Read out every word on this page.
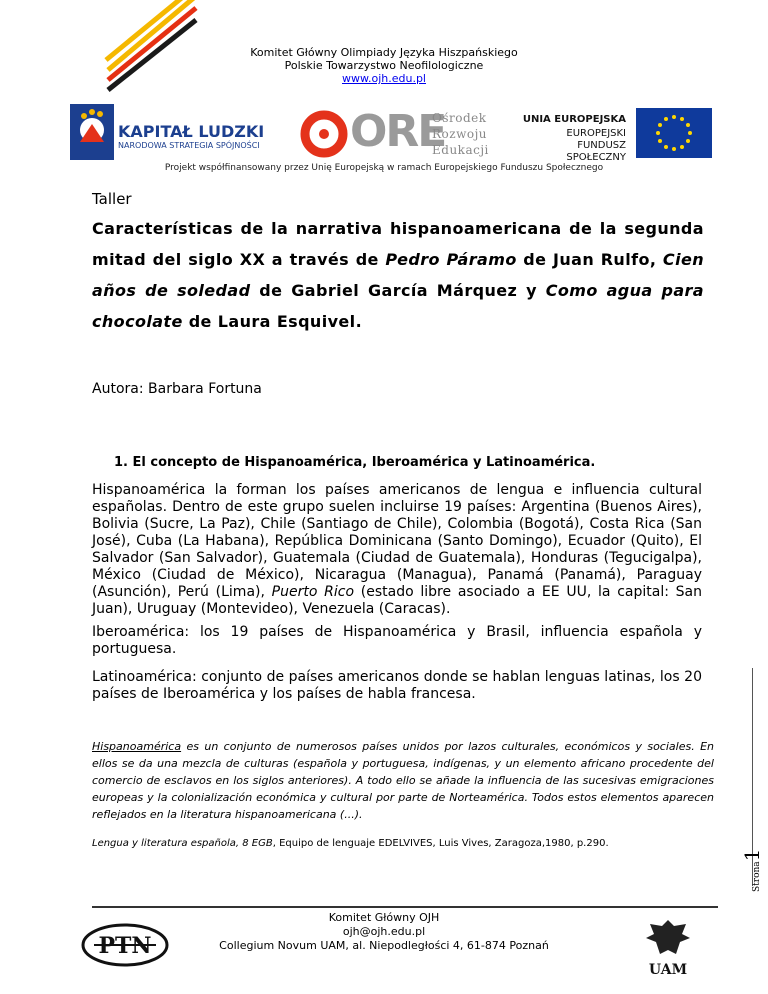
Komitet Główny Olimpiady Języka Hiszpańskiego
Polskie Towarzystwo Neofilologiczne
www.ojh.edu.pl
KAPITAŁ LUDZKI
NARODOWA STRATEGIA SPÓJNOŚCI ORE
Ośrodek
Rozwoju
Edukacji
UNIA EUROPEJSKA
EUROPEJSKI
FUNDUSZ SPOŁECZNY
Projekt współfinansowany przez Unię Europejską w ramach Europejskiego Funduszu Społecznego
Taller
Características de la narrativa hispanoamericana de la segunda mitad del siglo XX a través de Pedro Páramo de Juan Rulfo, Cien años de soledad de Gabriel García Márquez y Como agua para chocolate de Laura Esquivel.
Autora: Barbara Fortuna
1. El concepto de Hispanoamérica, Iberoamérica y Latinoamérica.
Hispanoamérica la forman los países americanos de lengua e influencia cultural españolas. Dentro de este grupo suelen incluirse 19 países: Argentina (Buenos Aires), Bolivia (Sucre, La Paz), Chile (Santiago de Chile), Colombia (Bogotá), Costa Rica (San José), Cuba (La Habana), República Dominicana (Santo Domingo), Ecuador (Quito), El Salvador (San Salvador), Guatemala (Ciudad de Guatemala), Honduras (Tegucigalpa), México (Ciudad de México), Nicaragua (Managua), Panamá (Panamá), Paraguay (Asunción), Perú (Lima), Puerto Rico (estado libre asociado a EE UU, la capital: San Juan), Uruguay (Montevideo), Venezuela (Caracas).
Iberoamérica: los 19 países de Hispanoamérica y Brasil, influencia española y portuguesa.
Latinoamérica: conjunto de países americanos donde se hablan lenguas latinas, los 20 países de Iberoamérica y los países de habla francesa.
Hispanoamérica es un conjunto de numerosos países unidos por lazos culturales, económicos y sociales. En ellos se da una mezcla de culturas (española y portuguesa, indígenas, y un elemento africano procedente del comercio de esclavos en los siglos anteriores). A todo ello se añade la influencia de las sucesivas emigraciones europeas y la colonialización económica y cultural por parte de Norteamérica. Todos estos elementos aparecen reflejados en la literatura hispanoamericana (...).
Lengua y literatura española, 8 EGB, Equipo de lenguaje EDELVIVES, Luis Vives, Zaragoza,1980, p.290.
Strona1
PTN
Komitet Główny OJH
ojh@ojh.edu.pl
Collegium Novum UAM, al. Niepodległości 4, 61-874 Poznań
UAM
